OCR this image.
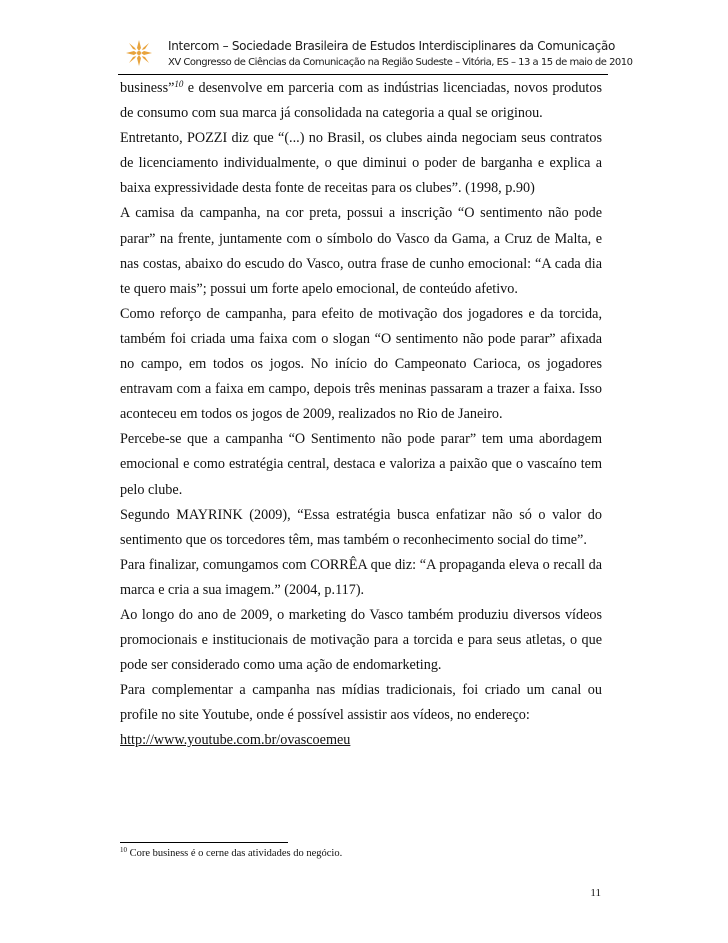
Intercom – Sociedade Brasileira de Estudos Interdisciplinares da Comunicação
XV Congresso de Ciências da Comunicação na Região Sudeste – Vitória, ES – 13 a 15 de maio de 2010

business”$^{10}$ e desenvolve em parceria com as indústrias licenciadas, novos produtos de consumo com sua marca já consolidada na categoria a qual se originou.

Entretanto, POZZI diz que “(...) no Brasil, os clubes ainda negociam seus contratos de licenciamento individualmente, o que diminui o poder de barganha e explica a baixa expressividade desta fonte de receitas para os clubes”. (1998, p.90)

A camisa da campanha, na cor preta, possui a inscrição “O sentimento não pode parar” na frente, juntamente com o símbolo do Vasco da Gama, a Cruz de Malta, e nas costas, abaixo do escudo do Vasco, outra frase de cunho emocional: “A cada dia te quero mais”; possui um forte apelo emocional, de conteúdo afetivo.

Como reforço de campanha, para efeito de motivação dos jogadores e da torcida, também foi criada uma faixa com o slogan “O sentimento não pode parar” afixada no campo, em todos os jogos. No início do Campeonato Carioca, os jogadores entravam com a faixa em campo, depois três meninas passaram a trazer a faixa. Isso aconteceu em todos os jogos de 2009, realizados no Rio de Janeiro.

Percebe-se que a campanha “O Sentimento não pode parar” tem uma abordagem emocional e como estratégia central, destaca e valoriza a paixão que o vascaíno tem pelo clube.

Segundo MAYRINK (2009), “Essa estratégia busca enfatizar não só o valor do sentimento que os torcedores têm, mas também o reconhecimento social do time”.

Para finalizar, comungamos com CORRÊA que diz: “A propaganda eleva o recall da marca e cria a sua imagem.” (2004, p.117).

Ao longo do ano de 2009, o marketing do Vasco também produziu diversos vídeos promocionais e institucionais de motivação para a torcida e para seus atletas, o que pode ser considerado como uma ação de endomarketing.

Para complementar a campanha nas mídias tradicionais, foi criado um canal ou profile no site Youtube, onde é possível assistir aos vídeos, no endereço:

http://www.youtube.com.br/ovascoemeu

$^{10}$ Core business é o cerne das atividades do negócio.
11
